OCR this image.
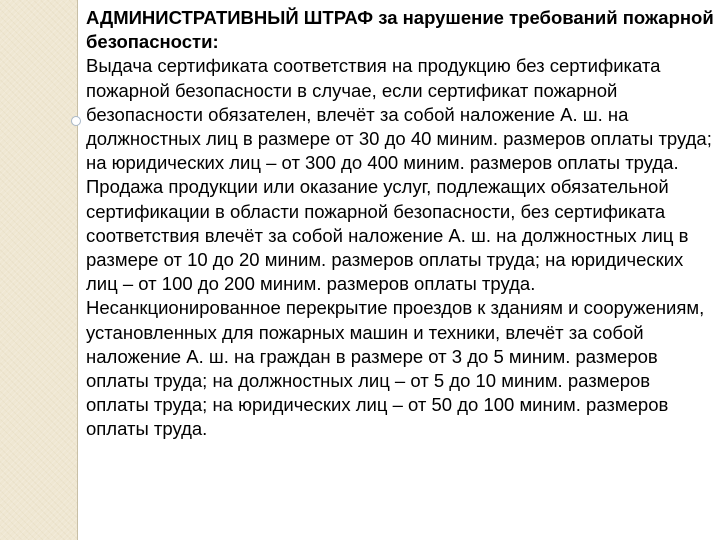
АДМИНИСТРАТИВНЫЙ ШТРАФ за нарушение требований пожарной безопасности:

Выдача сертификата соответствия на продукцию без сертификата пожарной безопасности в случае, если сертификат пожарной безопасности обязателен, влечёт за собой наложение А. ш. на должностных лиц в размере от 30 до 40 миним. размеров оплаты труда; на юридических лиц – от 300 до 400 миним. размеров оплаты труда. Продажа продукции или оказание услуг, подлежащих обязательной сертификации в области пожарной безопасности, без сертификата соответствия влечёт за собой наложение А. ш. на должностных лиц в размере от 10 до 20 миним. размеров оплаты труда; на юридических лиц – от 100 до 200 миним. размеров оплаты труда. Несанкционированное перекрытие проездов к зданиям и сооружениям, установленных для пожарных машин и техники, влечёт за собой наложение А. ш. на граждан в размере от 3 до 5 миним. размеров оплаты труда; на должностных лиц – от 5 до 10 миним. размеров оплаты труда; на юридических лиц – от 50 до 100 миним. размеров оплаты труда.
